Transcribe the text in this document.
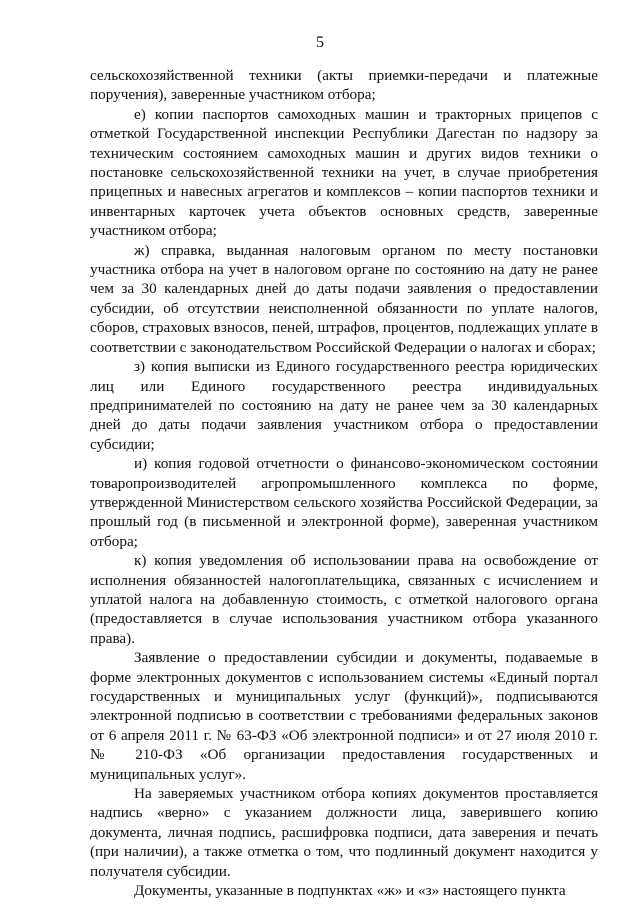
5

сельскохозяйственной техники (акты приемки-передачи и платежные поручения), заверенные участником отбора;

е) копии паспортов самоходных машин и тракторных прицепов с отметкой Государственной инспекции Республики Дагестан по надзору за техническим состоянием самоходных машин и других видов техники о постановке сельскохозяйственной техники на учет, в случае приобретения прицепных и навесных агрегатов и комплексов – копии паспортов техники и инвентарных карточек учета объектов основных средств, заверенные участником отбора;

ж) справка, выданная налоговым органом по месту постановки участника отбора на учет в налоговом органе по состоянию на дату не ранее чем за 30 календарных дней до даты подачи заявления о предоставлении субсидии, об отсутствии неисполненной обязанности по уплате налогов, сборов, страховых взносов, пеней, штрафов, процентов, подлежащих уплате в соответствии с законодательством Российской Федерации о налогах и сборах;

з) копия выписки из Единого государственного реестра юридических лиц или Единого государственного реестра индивидуальных предпринимателей по состоянию на дату не ранее чем за 30 календарных дней до даты подачи заявления участником отбора о предоставлении субсидии;

и) копия годовой отчетности о финансово-экономическом состоянии товаропроизводителей агропромышленного комплекса по форме, утвержденной Министерством сельского хозяйства Российской Федерации, за прошлый год (в письменной и электронной форме), заверенная участником отбора;

к) копия уведомления об использовании права на освобождение от исполнения обязанностей налогоплательщика, связанных с исчислением и уплатой налога на добавленную стоимость, с отметкой налогового органа (предоставляется в случае использования участником отбора указанного права).

Заявление о предоставлении субсидии и документы, подаваемые в форме электронных документов с использованием системы «Единый портал государственных и муниципальных услуг (функций)», подписываются электронной подписью в соответствии с требованиями федеральных законов от 6 апреля 2011 г. № 63-ФЗ «Об электронной подписи» и от 27 июля 2010 г. № 210-ФЗ «Об организации предоставления государственных и муниципальных услуг».

На заверяемых участником отбора копиях документов проставляется надпись «верно» с указанием должности лица, заверившего копию документа, личная подпись, расшифровка подписи, дата заверения и печать (при наличии), а также отметка о том, что подлинный документ находится у получателя субсидии.

Документы, указанные в подпунктах «ж» и «з» настоящего пункта
